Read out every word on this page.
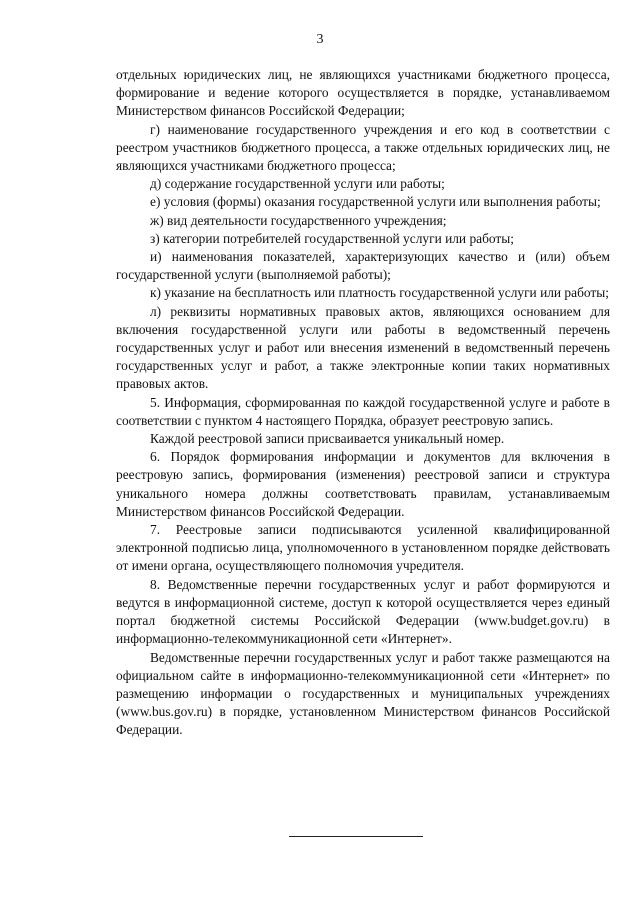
3

отдельных юридических лиц, не являющихся участниками бюджетного процесса, формирование и ведение которого осуществляется в порядке, устанавливаемом Министерством финансов Российской Федерации;

г) наименование государственного учреждения и его код в соответствии с реестром участников бюджетного процесса, а также отдельных юридических лиц, не являющихся участниками бюджетного процесса;

д) содержание государственной услуги или работы;

е) условия (формы) оказания государственной услуги или выполнения работы;

ж) вид деятельности государственного учреждения;

з) категории потребителей государственной услуги или работы;

и) наименования показателей, характеризующих качество и (или) объем государственной услуги (выполняемой работы);

к) указание на бесплатность или платность государственной услуги или работы;

л) реквизиты нормативных правовых актов, являющихся основанием для включения государственной услуги или работы в ведомственный перечень государственных услуг и работ или внесения изменений в ведомственный перечень государственных услуг и работ, а также электронные копии таких нормативных правовых актов.

5. Информация, сформированная по каждой государственной услуге и работе в соответствии с пунктом 4 настоящего Порядка, образует реестровую запись.

Каждой реестровой записи присваивается уникальный номер.

6. Порядок формирования информации и документов для включения в реестровую запись, формирования (изменения) реестровой записи и структура уникального номера должны соответствовать правилам, устанавливаемым Министерством финансов Российской Федерации.

7. Реестровые записи подписываются усиленной квалифицированной электронной подписью лица, уполномоченного в установленном порядке действовать от имени органа, осуществляющего полномочия учредителя.

8. Ведомственные перечни государственных услуг и работ формируются и ведутся в информационной системе, доступ к которой осуществляется через единый портал бюджетной системы Российской Федерации (www.budget.gov.ru) в информационно-телекоммуникационной сети «Интернет».

Ведомственные перечни государственных услуг и работ также размещаются на официальном сайте в информационно-телекоммуникационной сети «Интернет» по размещению информации о государственных и муниципальных учреждениях (www.bus.gov.ru) в порядке, установленном Министерством финансов Российской Федерации.
